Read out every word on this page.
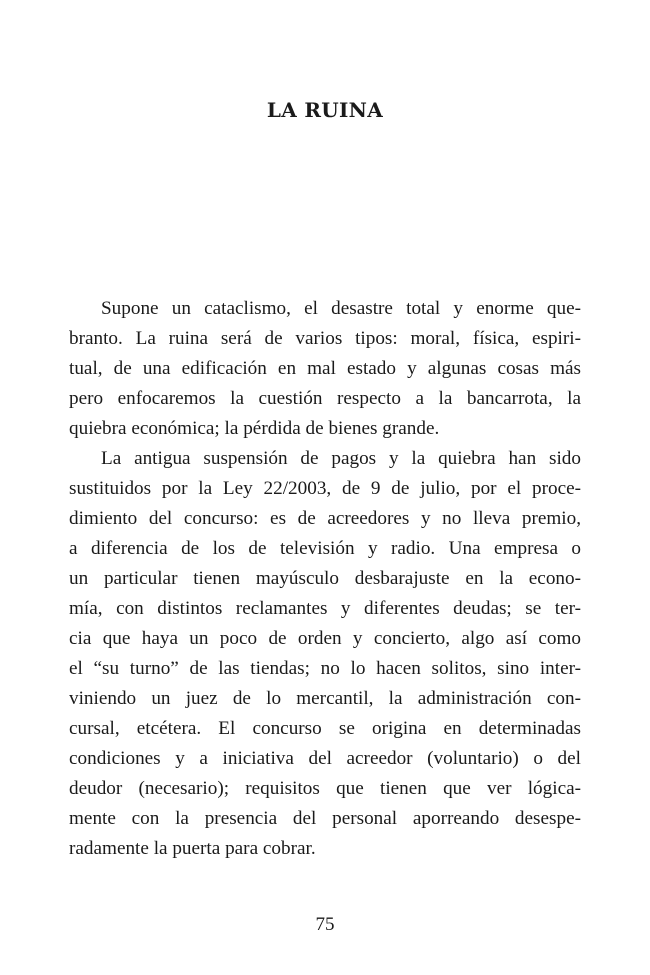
LA RUINA
Supone un cataclismo, el desastre total y enorme que-
branto. La ruina será de varios tipos: moral, física, espiri-
tual, de una edificación en mal estado y algunas cosas más
pero enfocaremos la cuestión respecto a la bancarrota, la
quiebra económica; la pérdida de bienes grande.
La antigua suspensión de pagos y la quiebra han sido
sustituidos por la Ley 22/2003, de 9 de julio, por el proce-
dimiento del concurso: es de acreedores y no lleva premio,
a diferencia de los de televisión y radio. Una empresa o
un particular tienen mayúsculo desbarajuste en la econo-
mía, con distintos reclamantes y diferentes deudas; se ter-
cia que haya un poco de orden y concierto, algo así como
el “su turno” de las tiendas; no lo hacen solitos, sino inter-
viniendo un juez de lo mercantil, la administración con-
cursal, etcétera. El concurso se origina en determinadas
condiciones y a iniciativa del acreedor (voluntario) o del
deudor (necesario); requisitos que tienen que ver lógica-
mente con la presencia del personal aporreando desespe-
radamente la puerta para cobrar.

75
